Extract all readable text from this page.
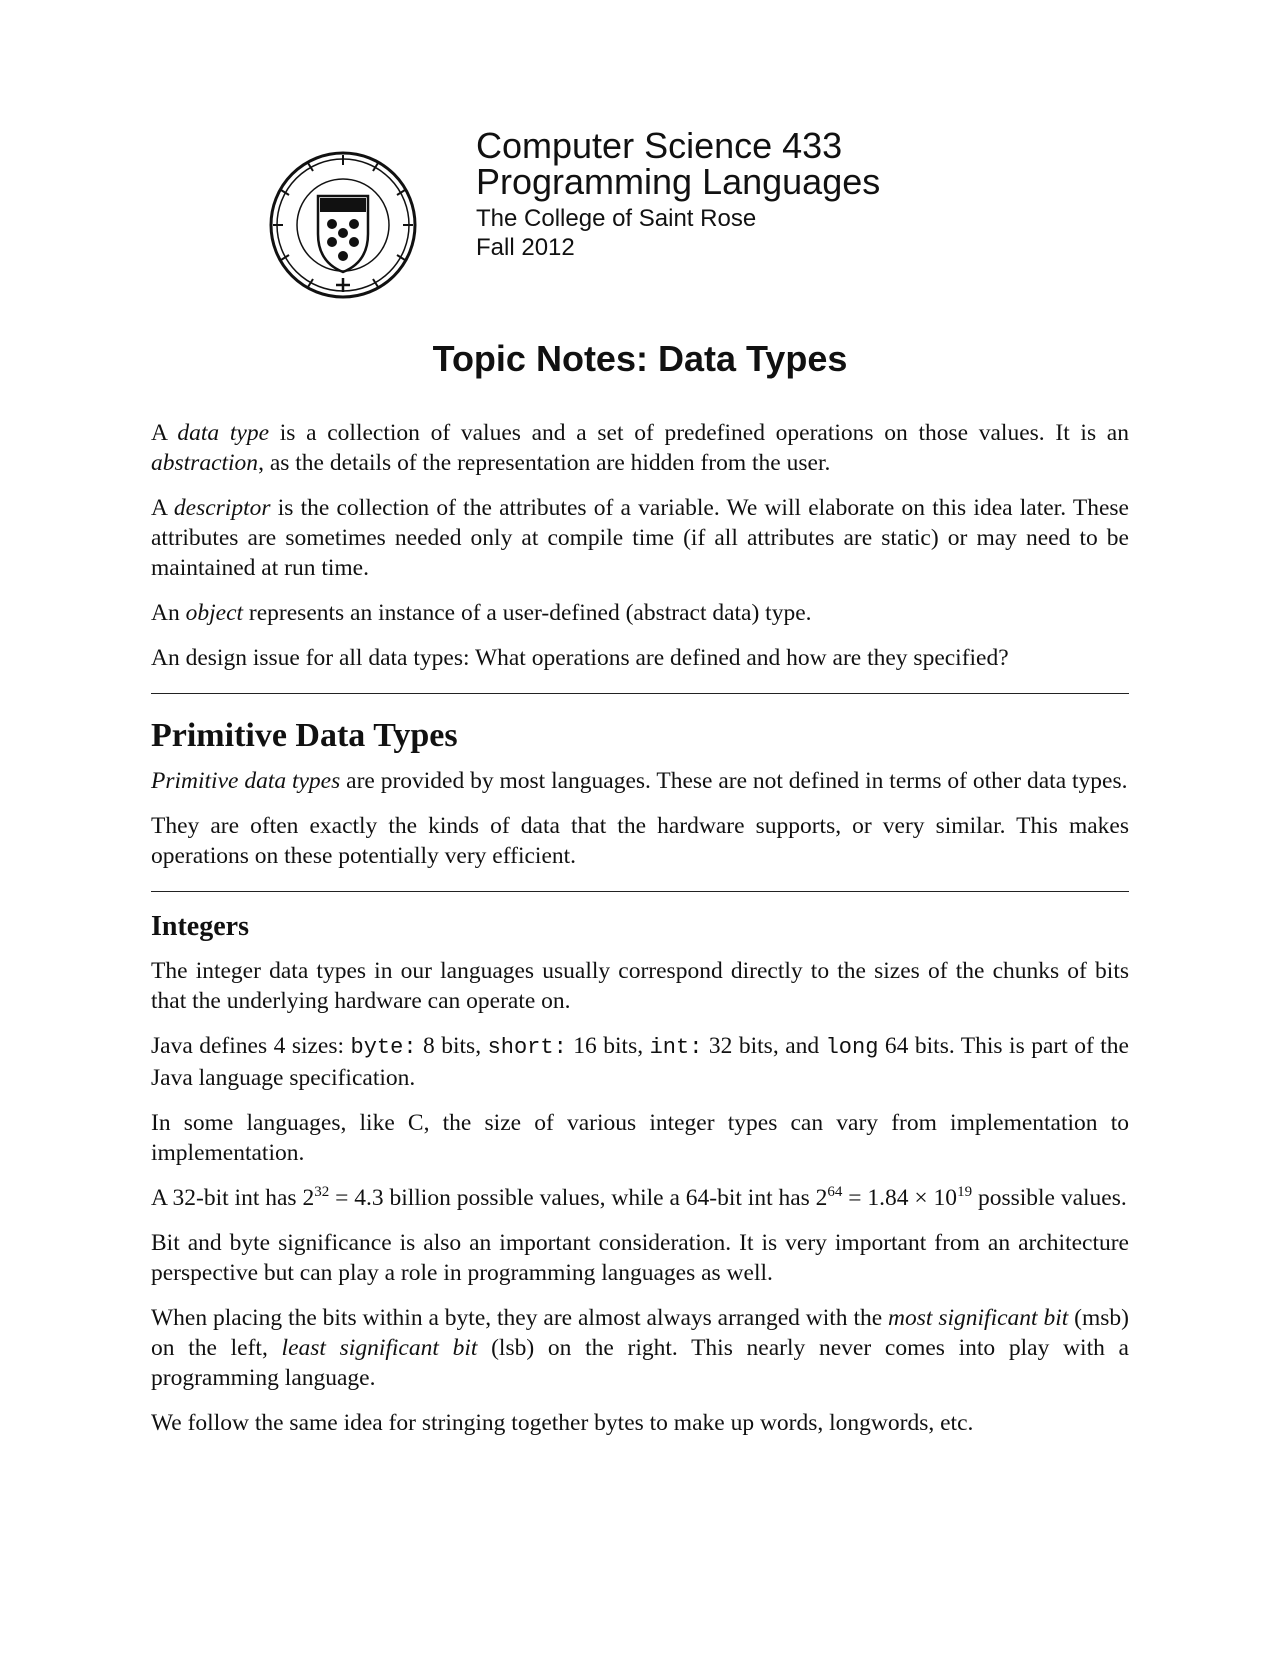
Computer Science 433

Programming Languages

The College of Saint Rose

Fall 2012

Topic Notes: Data Types

A data type is a collection of values and a set of predefined operations on those values. It is an abstraction, as the details of the representation are hidden from the user.

A descriptor is the collection of the attributes of a variable. We will elaborate on this idea later. These attributes are sometimes needed only at compile time (if all attributes are static) or may need to be maintained at run time.

An object represents an instance of a user-defined (abstract data) type.

An design issue for all data types: What operations are defined and how are they specified?

Primitive Data Types

Primitive data types are provided by most languages. These are not defined in terms of other data types.

They are often exactly the kinds of data that the hardware supports, or very similar. This makes operations on these potentially very efficient.

Integers

The integer data types in our languages usually correspond directly to the sizes of the chunks of bits that the underlying hardware can operate on.

Java defines 4 sizes: byte: 8 bits, short: 16 bits, int: 32 bits, and long 64 bits. This is part of the Java language specification.

In some languages, like C, the size of various integer types can vary from implementation to implementation.

A 32-bit int has $2^{32} = 4.3$ billion possible values, while a 64-bit int has $2^{64} = 1.84 \times 10^{19}$ possible values.

Bit and byte significance is also an important consideration. It is very important from an architecture perspective but can play a role in programming languages as well.

When placing the bits within a byte, they are almost always arranged with the most significant bit (msb) on the left, least significant bit (lsb) on the right. This nearly never comes into play with a programming language.

We follow the same idea for stringing together bytes to make up words, longwords, etc.
